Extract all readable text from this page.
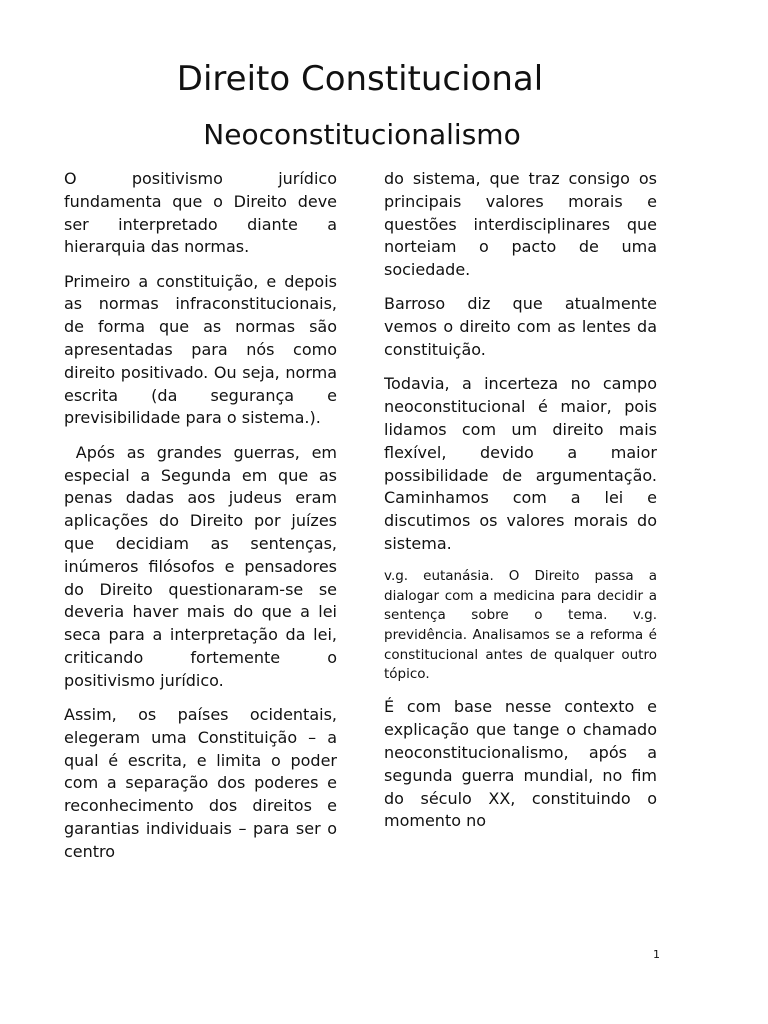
Direito Constitucional
Neoconstitucionalismo

O positivismo jurídico fundamenta que o Direito deve ser interpretado diante a hierarquia das normas.

Primeiro a constituição, e depois as normas infraconstitucionais, de forma que as normas são apresentadas para nós como direito positivado. Ou seja, norma escrita (da segurança e previsibilidade para o sistema.).

Após as grandes guerras, em especial a Segunda em que as penas dadas aos judeus eram aplicações do Direito por juízes que decidiam as sentenças, inúmeros filósofos e pensadores do Direito questionaram-se se deveria haver mais do que a lei seca para a interpretação da lei, criticando fortemente o positivismo jurídico.

Assim, os países ocidentais, elegeram uma Constituição – a qual é escrita, e limita o poder com a separação dos poderes e reconhecimento dos direitos e garantias individuais – para ser o centro

do sistema, que traz consigo os principais valores morais e questões interdisciplinares que norteiam o pacto de uma sociedade.

Barroso diz que atualmente vemos o direito com as lentes da constituição.

Todavia, a incerteza no campo neoconstitucional é maior, pois lidamos com um direito mais flexível, devido a maior possibilidade de argumentação. Caminhamos com a lei e discutimos os valores morais do sistema.

v.g. eutanásia. O Direito passa a dialogar com a medicina para decidir a sentença sobre o tema. v.g. previdência. Analisamos se a reforma é constitucional antes de qualquer outro tópico.

É com base nesse contexto e explicação que tange o chamado neoconstitucionalismo, após a segunda guerra mundial, no fim do século XX, constituindo o momento no

1
